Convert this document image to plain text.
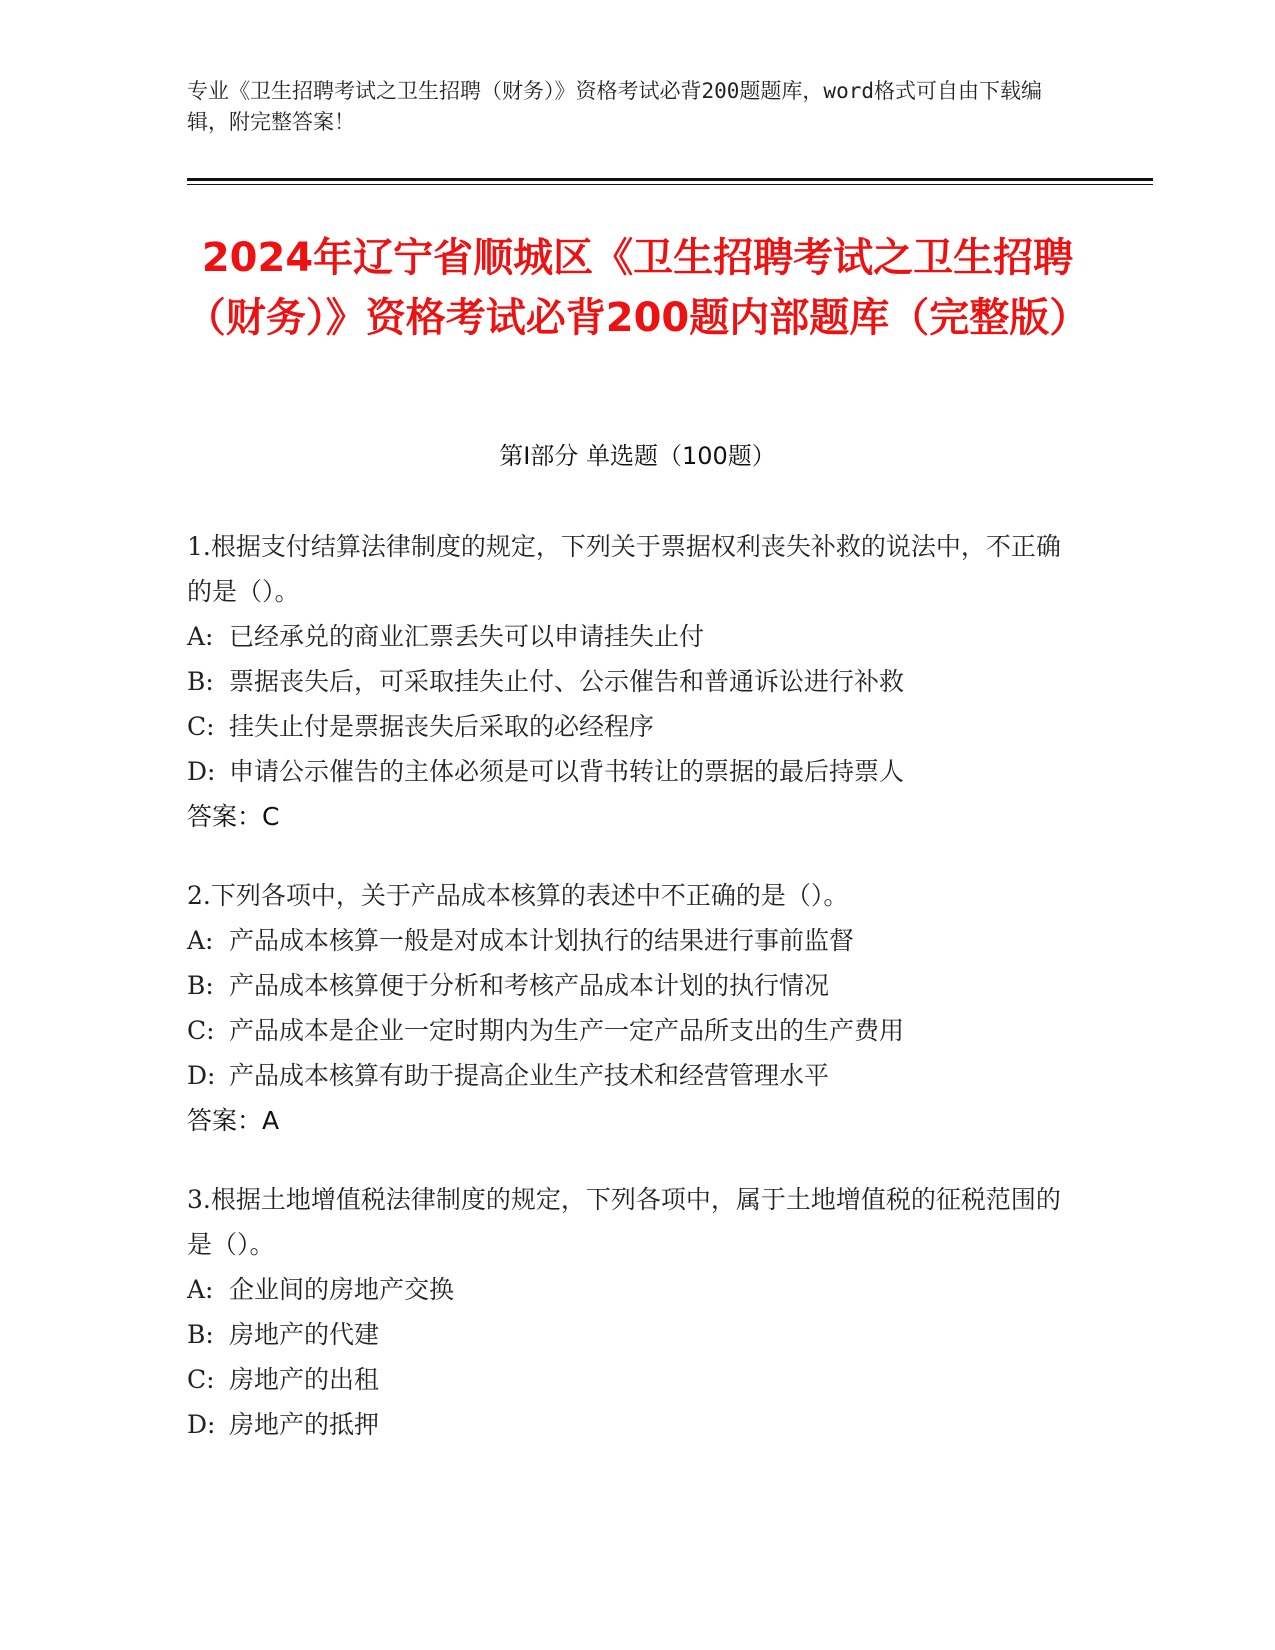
专业《卫生招聘考试之卫生招聘（财务）》资格考试必背200题题库，word格式可自由下载编辑，附完整答案！
2024年辽宁省顺城区《卫生招聘考试之卫生招聘（财务）》资格考试必背200题内部题库（完整版）
第I部分 单选题（100题）

1.根据支付结算法律制度的规定，下列关于票据权利丧失补救的说法中，不正确的是（）。

A: 已经承兑的商业汇票丢失可以申请挂失止付

B: 票据丧失后，可采取挂失止付、公示催告和普通诉讼进行补救

C: 挂失止付是票据丧失后采取的必经程序

D: 申请公示催告的主体必须是可以背书转让的票据的最后持票人

答案：C

2.下列各项中，关于产品成本核算的表述中不正确的是（）。

A: 产品成本核算一般是对成本计划执行的结果进行事前监督

B: 产品成本核算便于分析和考核产品成本计划的执行情况

C: 产品成本是企业一定时期内为生产一定产品所支出的生产费用

D: 产品成本核算有助于提高企业生产技术和经营管理水平

答案：A

3.根据土地增值税法律制度的规定，下列各项中，属于土地增值税的征税范围的是（）。

A: 企业间的房地产交换

B: 房地产的代建

C: 房地产的出租

D: 房地产的抵押
